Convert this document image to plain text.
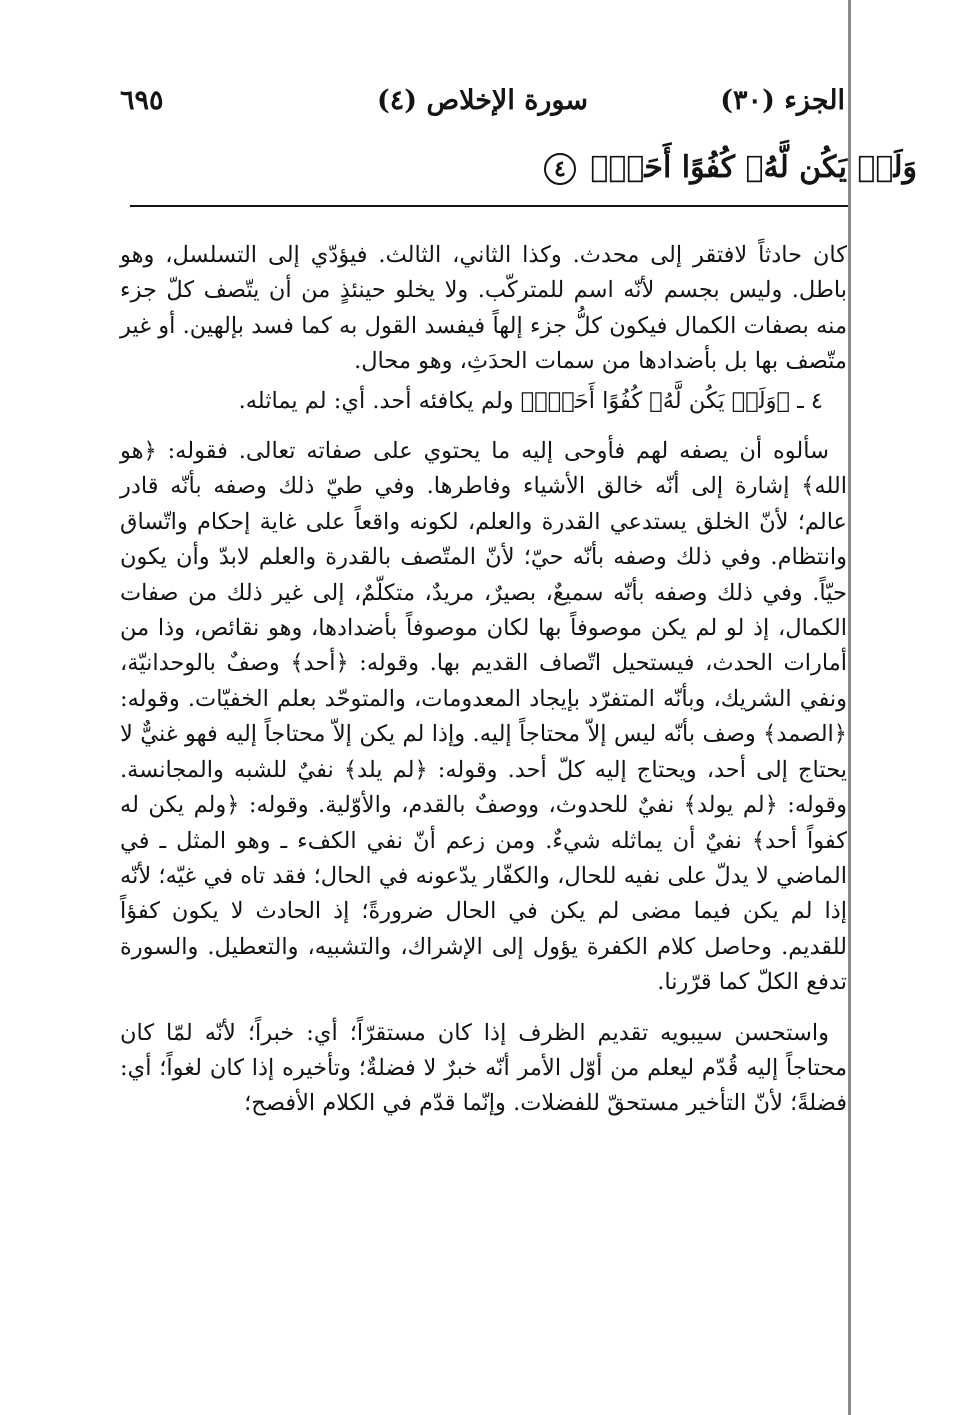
الجزء (٣٠)
سورة الإخلاص (٤)
٦٩٥
وَلَمۡ يَكُن لَّهُۥ كُفُوًا أَحَدُۢ ٤

كان حادثاً لافتقر إلى محدث. وكذا الثاني، الثالث. فيؤدّي إلى التسلسل، وهو باطل. وليس بجسم لأنّه اسم للمتركّب. ولا يخلو حينئذٍ من أن يتّصف كلّ جزء منه بصفات الكمال فيكون كلُّ جزء إلهاً فيفسد القول به كما فسد بإلهين. أو غير متّصف بها بل بأضدادها من سمات الحدَثِ، وهو محال.

٤ ـ ﴿وَلَمۡ يَكُن لَّهُۥ كُفُوًا أَحَدُۢ﴾ ولم يكافئه أحد. أي: لم يماثله.

سألوه أن يصفه لهم فأوحى إليه ما يحتوي على صفاته تعالى. فقوله: ﴿هو الله﴾ إشارة إلى أنّه خالق الأشياء وفاطرها. وفي طيّ ذلك وصفه بأنّه قادر عالم؛ لأنّ الخلق يستدعي القدرة والعلم، لكونه واقعاً على غاية إحكام واتّساق وانتظام. وفي ذلك وصفه بأنّه حيّ؛ لأنّ المتّصف بالقدرة والعلم لابدّ وأن يكون حيّاً. وفي ذلك وصفه بأنّه سميعٌ، بصيرٌ، مريدٌ، متكلّمٌ، إلى غير ذلك من صفات الكمال، إذ لو لم يكن موصوفاً بها لكان موصوفاً بأضدادها، وهو نقائص، وذا من أمارات الحدث، فيستحيل اتّصاف القديم بها. وقوله: ﴿أحد﴾ وصفٌ بالوحدانيّة، ونفي الشريك، وبأنّه المتفرّد بإيجاد المعدومات، والمتوحّد بعلم الخفيّات. وقوله: ﴿الصمد﴾ وصف بأنّه ليس إلاّ محتاجاً إليه. وإذا لم يكن إلاّ محتاجاً إليه فهو غنيٌّ لا يحتاج إلى أحد، ويحتاج إليه كلّ أحد. وقوله: ﴿لم يلد﴾ نفيٌ للشبه والمجانسة. وقوله: ﴿لم يولد﴾ نفيٌ للحدوث، ووصفٌ بالقدم، والأوّلية. وقوله: ﴿ولم يكن له كفواً أحد﴾ نفيٌ أن يماثله شيءٌ. ومن زعم أنّ نفي الكفء ـ وهو المثل ـ في الماضي لا يدلّ على نفيه للحال، والكفّار يدّعونه في الحال؛ فقد تاه في غيّه؛ لأنّه إذا لم يكن فيما مضى لم يكن في الحال ضرورةً؛ إذ الحادث لا يكون كفؤاً للقديم. وحاصل كلام الكفرة يؤول إلى الإشراك، والتشبيه، والتعطيل. والسورة تدفع الكلّ كما قرّرنا.

واستحسن سيبويه تقديم الظرف إذا كان مستقرّاً؛ أي: خبراً؛ لأنّه لمّا كان محتاجاً إليه قُدّم ليعلم من أوّل الأمر أنّه خبرٌ لا فضلةٌ؛ وتأخيره إذا كان لغواً؛ أي: فضلةً؛ لأنّ التأخير مستحقّ للفضلات. وإنّما قدّم في الكلام الأفصح؛
